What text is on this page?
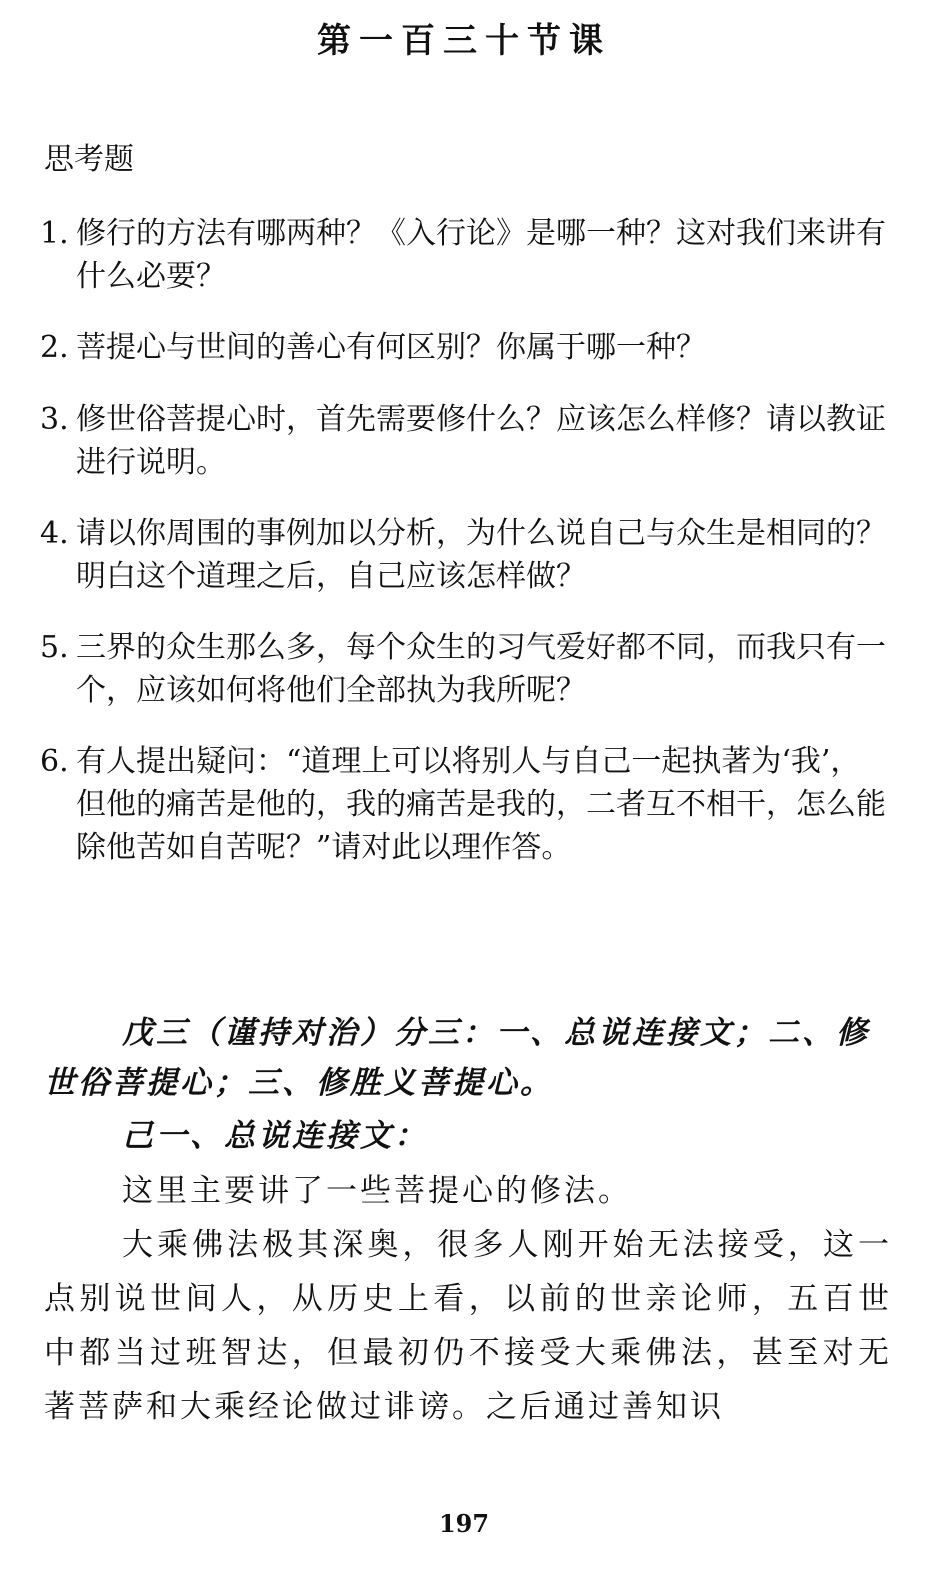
第一百三十节课
思考题
1. 修行的方法有哪两种？《入行论》是哪一种？这对我们来讲有什么必要？
2. 菩提心与世间的善心有何区别？你属于哪一种？
3. 修世俗菩提心时，首先需要修什么？应该怎么样修？请以教证进行说明。
4. 请以你周围的事例加以分析，为什么说自己与众生是相同的？明白这个道理之后，自己应该怎样做？
5. 三界的众生那么多，每个众生的习气爱好都不同，而我只有一个，应该如何将他们全部执为我所呢？
6. 有人提出疑问：“道理上可以将别人与自己一起执著为‘我’，但他的痛苦是他的，我的痛苦是我的，二者互不相干，怎么能除他苦如自苦呢？”请对此以理作答。
戊三（谨持对治）分三：一、总说连接文；二、修世俗菩提心；三、修胜义菩提心。
己一、总说连接文：
这里主要讲了一些菩提心的修法。
大乘佛法极其深奥，很多人刚开始无法接受，这一点别说世间人，从历史上看，以前的世亲论师，五百世中都当过班智达，但最初仍不接受大乘佛法，甚至对无著菩萨和大乘经论做过诽谤。之后通过善知识
197
